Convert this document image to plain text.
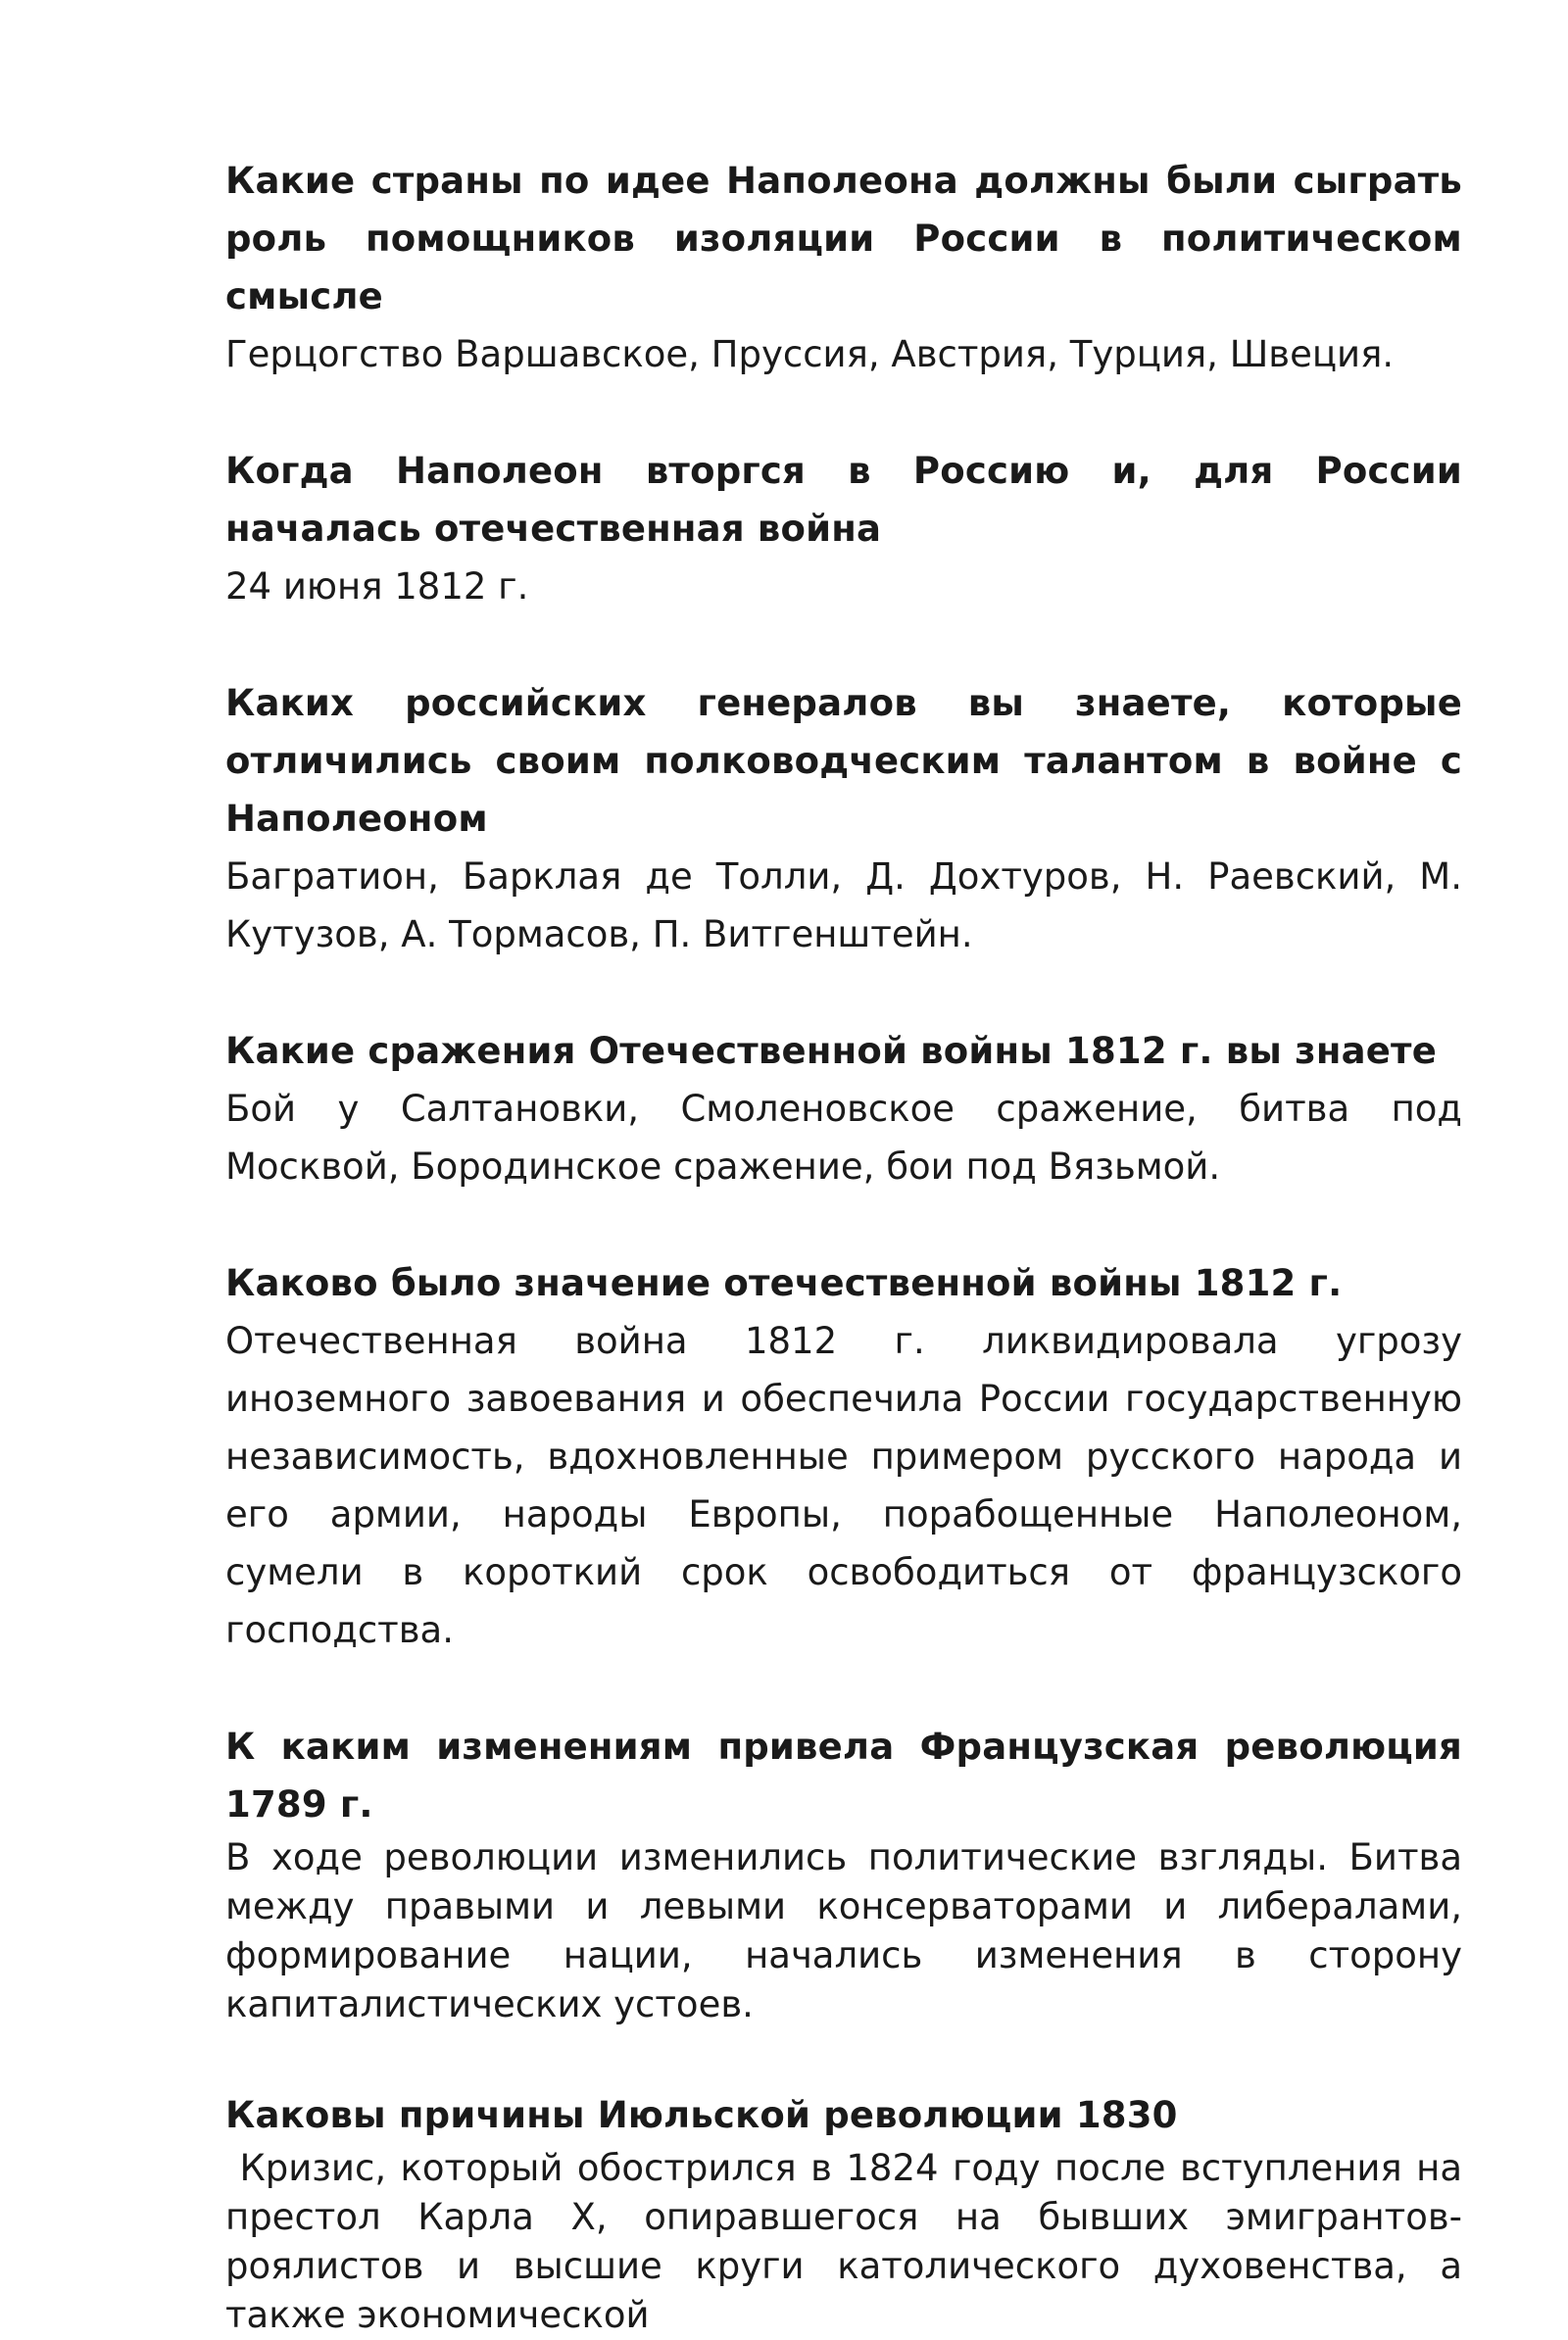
Какие страны по идее Наполеона должны были сыграть роль помощников изоляции России в политическом смысле

Герцогство Варшавское, Пруссия, Австрия, Турция, Швеция.

Когда Наполеон вторгся в Россию и, для России началась отечественная война

24 июня 1812 г.

Каких российских генералов вы знаете, которые отличились своим полководческим талантом в войне с Наполеоном

Багратион, Барклая де Толли, Д. Дохтуров, Н. Раевский, М. Кутузов, А. Тормасов, П. Витгенштейн.

Какие сражения Отечественной войны 1812 г. вы знаете

Бой у Салтановки, Смоленовское сражение, битва под Москвой, Бородинское сражение, бои под Вязьмой.

Каково было значение отечественной войны 1812 г.

Отечественная война 1812 г. ликвидировала угрозу иноземного завоевания и обеспечила России государственную независимость, вдохновленные примером русского народа и его армии, народы Европы, порабощенные Наполеоном, сумели в короткий срок освободиться от французского господства.

К каким изменениям привела Французская революция 1789 г.

В ходе революции изменились политические взгляды. Битва между правыми и левыми консерваторами и либералами, формирование нации, начались изменения в сторону капиталистических устоев.

Каковы причины Июльской революции 1830

Кризис, который обострился в 1824 году после вступления на престол Карла X, опиравшегося на бывших эмигрантов-роялистов и высшие круги католического духовенства, а также экономической
